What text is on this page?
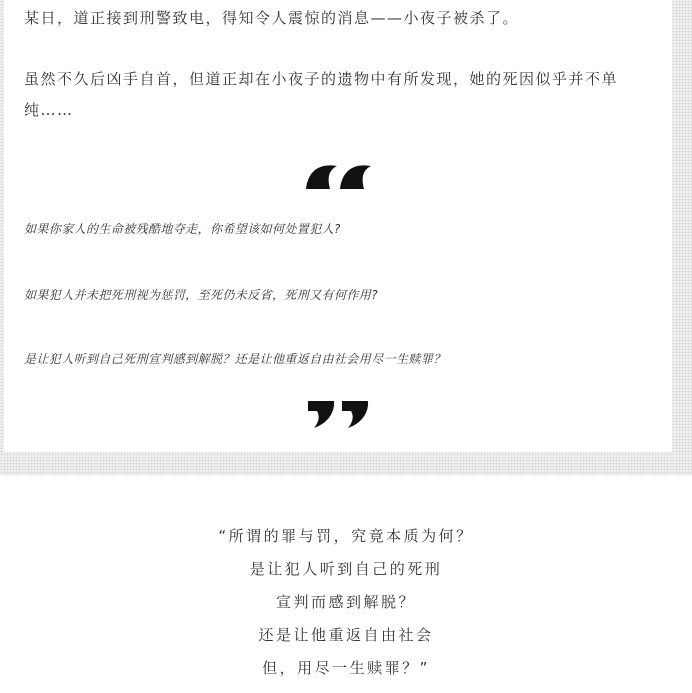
某日，道正接到刑警致电，得知令人震惊的消息——小夜子被杀了。

虽然不久后凶手自首，但道正却在小夜子的遗物中有所发现，她的死因似乎并不单纯……

如果你家人的生命被残酷地夺走，你希望该如何处置犯人?

如果犯人并未把死刑视为惩罚，至死仍未反省，死刑又有何作用?

是让犯人听到自己死刑宣判感到解脱？还是让他重返自由社会用尽一生赎罪？

“所谓的罪与罚，究竟本质为何？

是让犯人听到自己的死刑

宣判而感到解脱？

还是让他重返自由社会

但，用尽一生赎罪？”
